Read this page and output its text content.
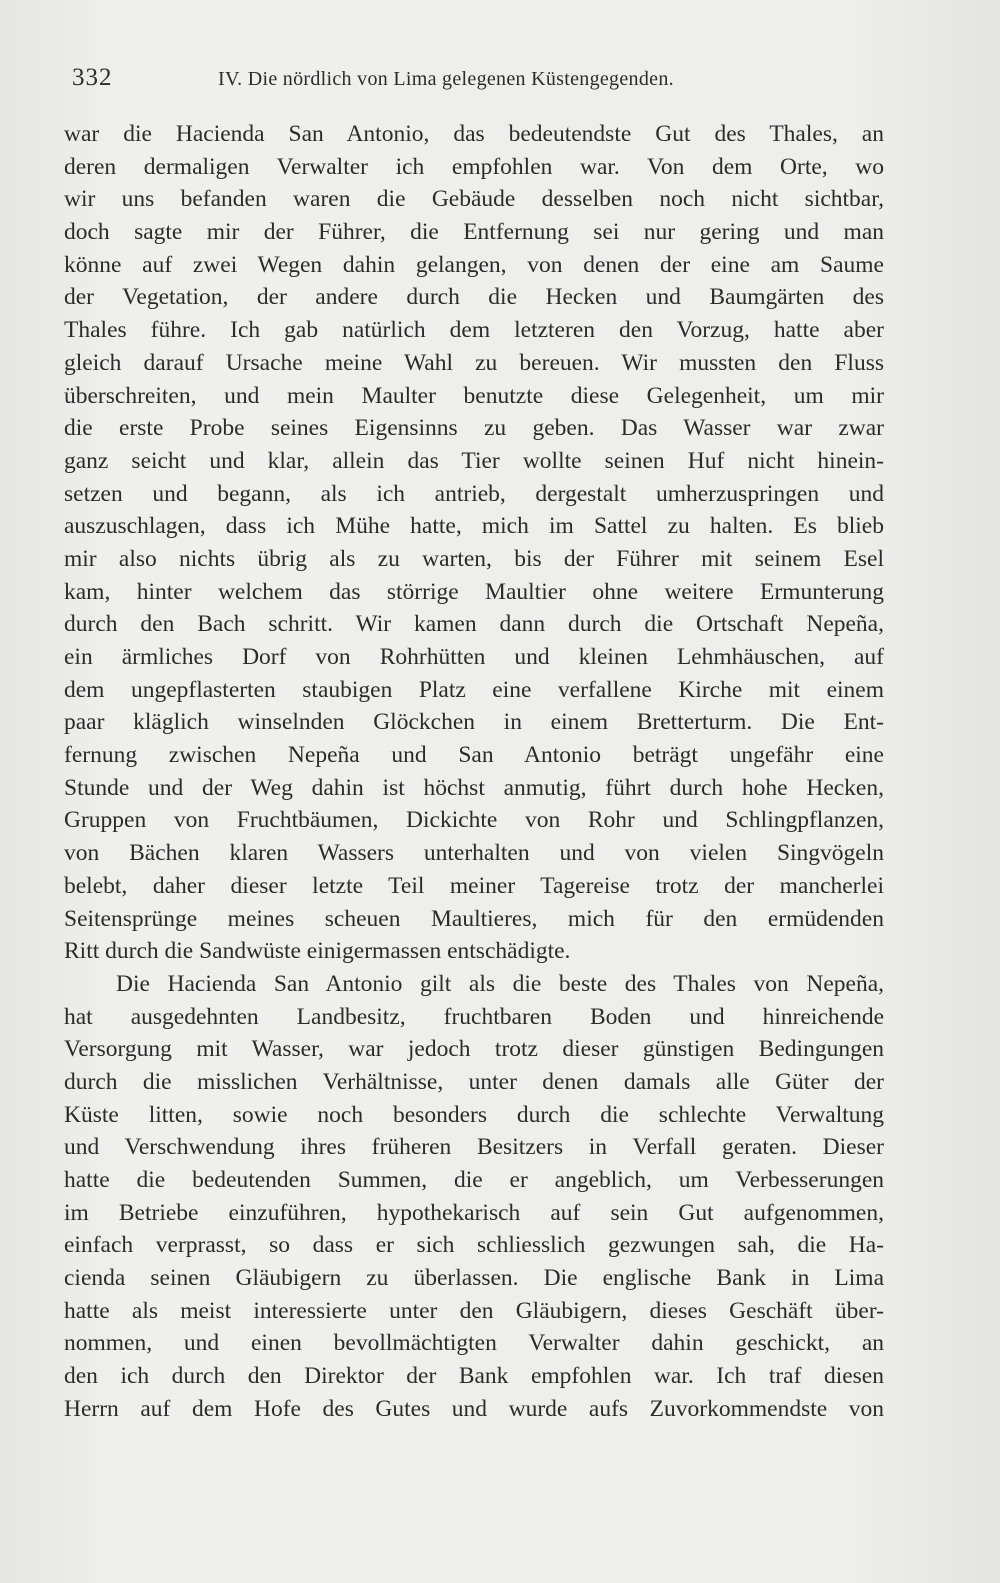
332	IV. Die nördlich von Lima gelegenen Küstengegenden.
war die Hacienda San Antonio, das bedeutendste Gut des Thales, an
deren dermaligen Verwalter ich empfohlen war. Von dem Orte, wo
wir uns befanden waren die Gebäude desselben noch nicht sichtbar,
doch sagte mir der Führer, die Entfernung sei nur gering und man
könne auf zwei Wegen dahin gelangen, von denen der eine am Saume
der Vegetation, der andere durch die Hecken und Baumgärten des
Thales führe. Ich gab natürlich dem letzteren den Vorzug, hatte aber
gleich darauf Ursache meine Wahl zu bereuen. Wir mussten den Fluss
überschreiten, und mein Maulter benutzte diese Gelegenheit, um mir
die erste Probe seines Eigensinns zu geben. Das Wasser war zwar
ganz seicht und klar, allein das Tier wollte seinen Huf nicht hinein-
setzen und begann, als ich antrieb, dergestalt umherzuspringen und
auszuschlagen, dass ich Mühe hatte, mich im Sattel zu halten. Es blieb
mir also nichts übrig als zu warten, bis der Führer mit seinem Esel
kam, hinter welchem das störrige Maultier ohne weitere Ermunterung
durch den Bach schritt. Wir kamen dann durch die Ortschaft Nepeña,
ein ärmliches Dorf von Rohrhütten und kleinen Lehmhäuschen, auf
dem ungepflasterten staubigen Platz eine verfallene Kirche mit einem
paar kläglich winselnden Glöckchen in einem Bretterturm. Die Ent-
fernung zwischen Nepeña und San Antonio beträgt ungefähr eine
Stunde und der Weg dahin ist höchst anmutig, führt durch hohe Hecken,
Gruppen von Fruchtbäumen, Dickichte von Rohr und Schlingpflanzen,
von Bächen klaren Wassers unterhalten und von vielen Singvögeln
belebt, daher dieser letzte Teil meiner Tagereise trotz der mancherlei
Seitensprünge meines scheuen Maultieres, mich für den ermüdenden
Ritt durch die Sandwüste einigermassen entschädigte.
Die Hacienda San Antonio gilt als die beste des Thales von Nepeña,
hat ausgedehnten Landbesitz, fruchtbaren Boden und hinreichende
Versorgung mit Wasser, war jedoch trotz dieser günstigen Bedingungen
durch die misslichen Verhältnisse, unter denen damals alle Güter der
Küste litten, sowie noch besonders durch die schlechte Verwaltung
und Verschwendung ihres früheren Besitzers in Verfall geraten. Dieser
hatte die bedeutenden Summen, die er angeblich, um Verbesserungen
im Betriebe einzuführen, hypothekarisch auf sein Gut aufgenommen,
einfach verprasst, so dass er sich schliesslich gezwungen sah, die Ha-
cienda seinen Gläubigern zu überlassen. Die englische Bank in Lima
hatte als meist interessierte unter den Gläubigern, dieses Geschäft über-
nommen, und einen bevollmächtigten Verwalter dahin geschickt, an
den ich durch den Direktor der Bank empfohlen war. Ich traf diesen
Herrn auf dem Hofe des Gutes und wurde aufs Zuvorkommendste von
